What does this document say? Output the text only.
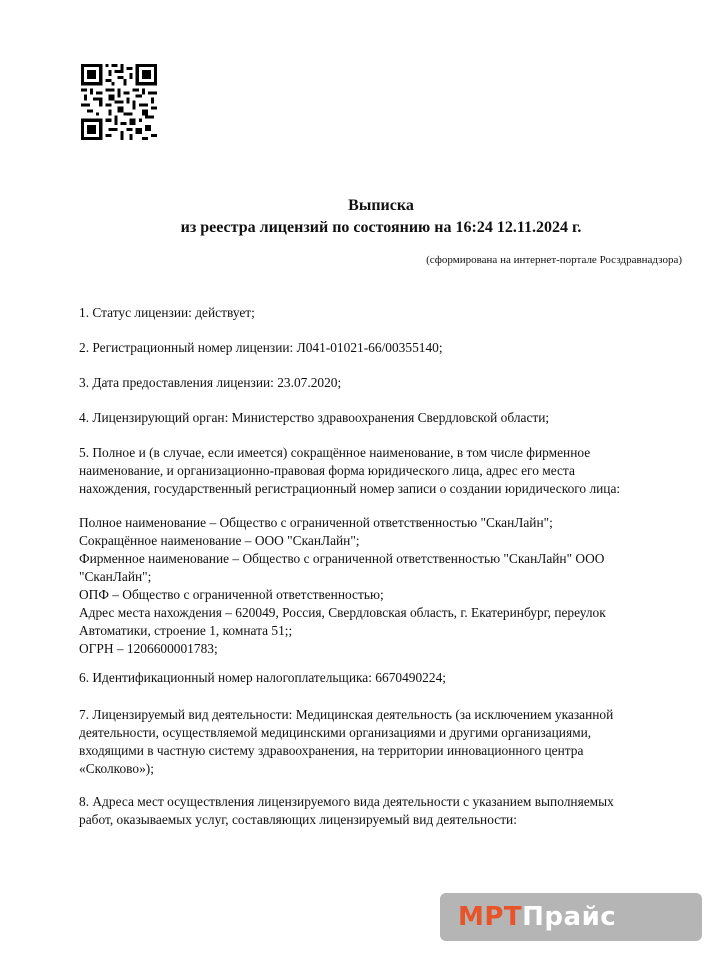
Выписка
из реестра лицензий по состоянию на 16:24 12.11.2024 г.
(сформирована на интернет-портале Росздравнадзора)
1. Статус лицензии: действует;
2. Регистрационный номер лицензии: Л041-01021-66/00355140;
3. Дата предоставления лицензии: 23.07.2020;
4. Лицензирующий орган: Министерство здравоохранения Свердловской области;
5. Полное и (в случае, если имеется) сокращённое наименование, в том числе фирменное
наименование, и организационно-правовая форма юридического лица, адрес его места
нахождения, государственный регистрационный номер записи о создании юридического лица:
Полное наименование – Общество с ограниченной ответственностью "СканЛайн";
Сокращённое наименование – ООО "СканЛайн";
Фирменное наименование – Общество с ограниченной ответственностью "СканЛайн" ООО
"СканЛайн";
ОПФ – Общество с ограниченной ответственностью;
Адрес места нахождения – 620049, Россия, Свердловская область, г. Екатеринбург, переулок
Автоматики, строение 1, комната 51;;
ОГРН – 1206600001783;
6. Идентификационный номер налогоплательщика: 6670490224;
7. Лицензируемый вид деятельности: Медицинская деятельность (за исключением указанной
деятельности, осуществляемой медицинскими организациями и другими организациями,
входящими в частную систему здравоохранения, на территории инновационного центра
«Сколково»);
8. Адреса мест осуществления лицензируемого вида деятельности с указанием выполняемых
работ, оказываемых услуг, составляющих лицензируемый вид деятельности:
МРТПрайс
